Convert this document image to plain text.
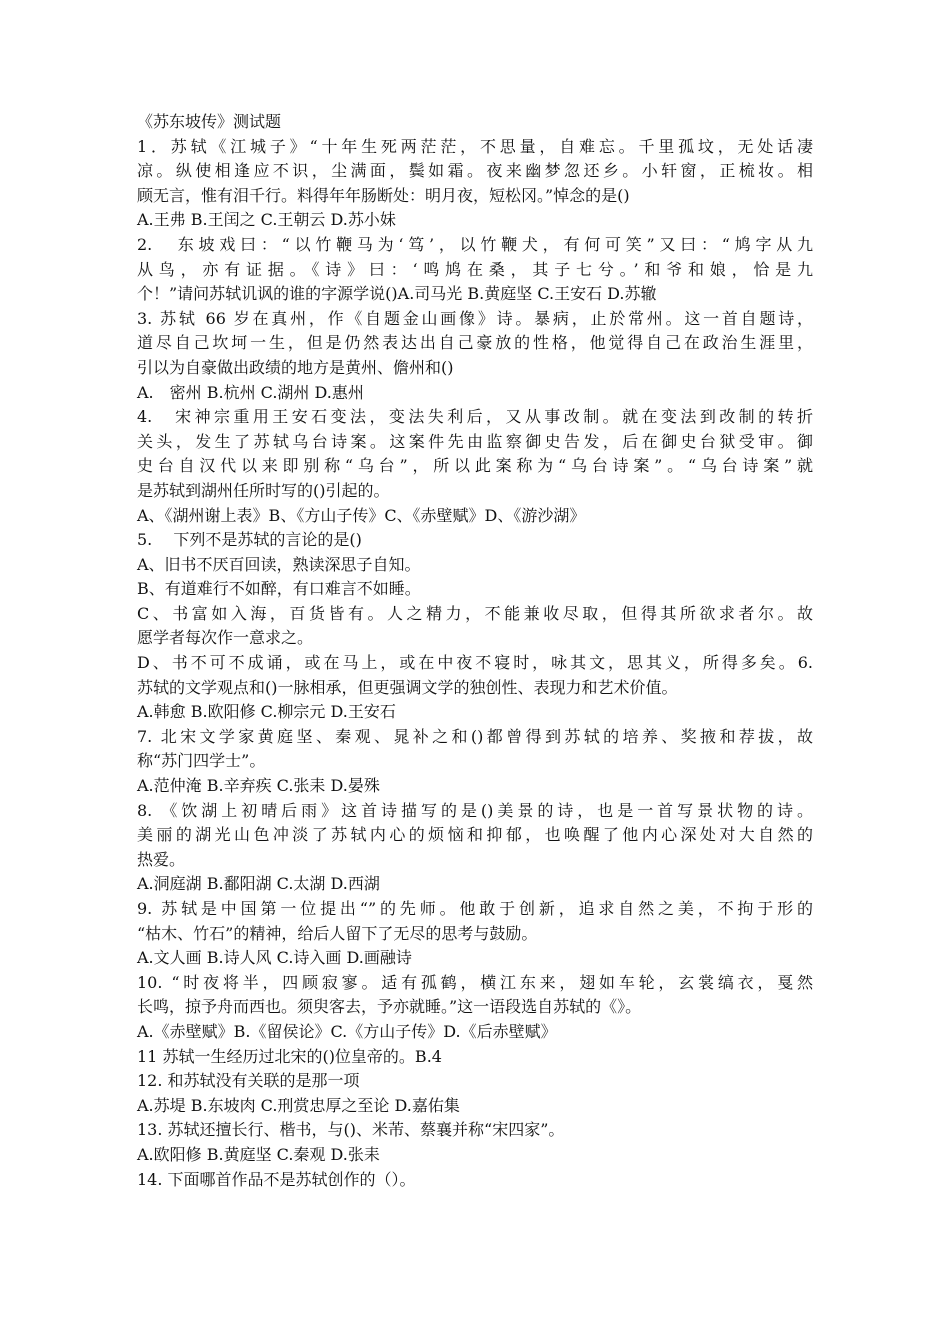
《苏东坡传》测试题
1．苏轼《江城子》“十年生死两茫茫，不思量，自难忘。千里孤坟，无处话凄
凉。纵使相逢应不识，尘满面，鬓如霜。夜来幽梦忽还乡。小轩窗，正梳妆。相
顾无言，惟有泪千行。料得年年肠断处：明月夜，短松冈。”悼念的是()
A.王弗 B.王闰之 C.王朝云 D.苏小妹
2.　东坡戏曰：“以竹鞭马为‘笃’，以竹鞭犬，有何可笑”又曰：“鸠字从九
从鸟，亦有证据。《诗》曰：‘鸣鸠在桑，其子七兮。’和爷和娘，恰是九
个！”请问苏轼讥讽的谁的字源学说()A.司马光 B.黄庭坚 C.王安石 D.苏辙
3. 苏轼 66 岁在真州，作《自题金山画像》诗。暴病，止於常州。这一首自题诗，
道尽自己坎坷一生，但是仍然表达出自己豪放的性格，他觉得自己在政治生涯里，
引以为自豪做出政绩的地方是黄州、儋州和()
A.　密州 B.杭州 C.湖州 D.惠州
4.　宋神宗重用王安石变法，变法失利后，又从事改制。就在变法到改制的转折
关头，发生了苏轼乌台诗案。这案件先由监察御史告发，后在御史台狱受审。御
史台自汉代以来即别称“乌台”，所以此案称为“乌台诗案”。“乌台诗案”就
是苏轼到湖州任所时写的()引起的。
A、《湖州谢上表》B、《方山子传》C、《赤壁赋》D、《游沙湖》
5.　 下列不是苏轼的言论的是()
A、旧书不厌百回读，熟读深思子自知。
B、有道难行不如醉，有口难言不如睡。
C、书富如入海，百货皆有。人之精力，不能兼收尽取，但得其所欲求者尔。故
愿学者每次作一意求之。
D、书不可不成诵，或在马上，或在中夜不寝时，咏其文，思其义，所得多矣。6.
苏轼的文学观点和()一脉相承，但更强调文学的独创性、表现力和艺术价值。
A.韩愈 B.欧阳修 C.柳宗元 D.王安石
7. 北宋文学家黄庭坚、秦观、晁补之和()都曾得到苏轼的培养、奖掖和荐拔，故
称“苏门四学士”。
A.范仲淹 B.辛弃疾 C.张耒 D.晏殊
8. 《饮湖上初晴后雨》这首诗描写的是()美景的诗，也是一首写景状物的诗。
美丽的湖光山色冲淡了苏轼内心的烦恼和抑郁，也唤醒了他内心深处对大自然的
热爱。
A.洞庭湖 B.鄱阳湖 C.太湖 D.西湖
9. 苏轼是中国第一位提出“”的先师。他敢于创新，追求自然之美，不拘于形的
“枯木、竹石”的精神，给后人留下了无尽的思考与鼓励。
A.文人画 B.诗人风 C.诗入画 D.画融诗
10. “时夜将半，四顾寂寥。适有孤鹤，横江东来，翅如车轮，玄裳缟衣，戛然
长鸣，掠予舟而西也。须臾客去，予亦就睡。”这一语段选自苏轼的《》。
A.《赤壁赋》B.《留侯论》C.《方山子传》D.《后赤壁赋》
11 苏轼一生经历过北宋的()位皇帝的。B.4
12. 和苏轼没有关联的是那一项
A.苏堤 B.东坡肉 C.刑赏忠厚之至论 D.嘉佑集
13. 苏轼还擅长行、楷书，与()、米芾、蔡襄并称“宋四家”。
A.欧阳修 B.黄庭坚 C.秦观 D.张耒
14. 下面哪首作品不是苏轼创作的（）。
